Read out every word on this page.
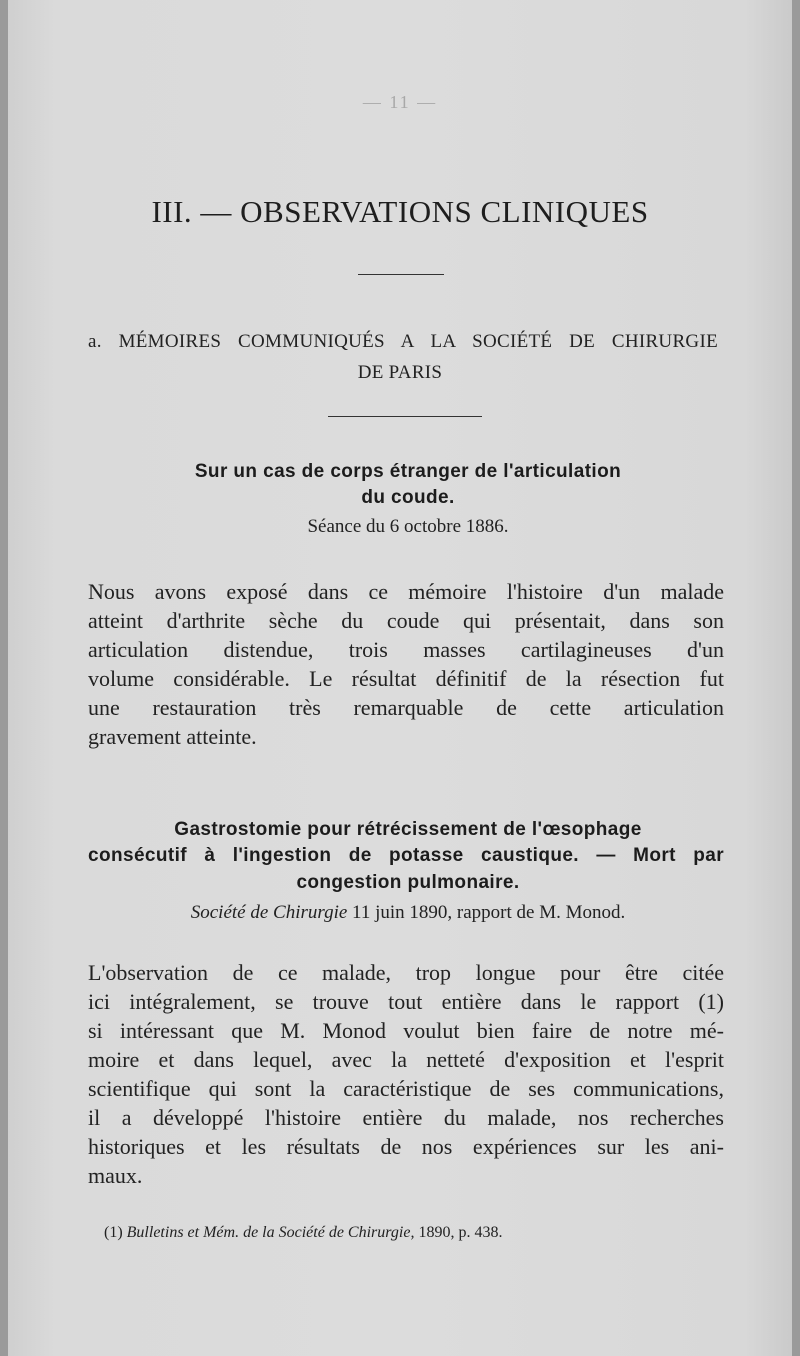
— 11 —
III. — OBSERVATIONS CLINIQUES
a. MÉMOIRES COMMUNIQUÉS A LA SOCIÉTÉ DE CHIRURGIE
DE PARIS
Sur un cas de corps étranger de l'articulation
du coude.
Séance du 6 octobre 1886.
Nous avons exposé dans ce mémoire l'histoire d'un malade
atteint d'arthrite sèche du coude qui présentait, dans son
articulation distendue, trois masses cartilagineuses d'un
volume considérable. Le résultat définitif de la résection fut
une restauration très remarquable de cette articulation
gravement atteinte.
Gastrostomie pour rétrécissement de l'œsophage
consécutif à l'ingestion de potasse caustique. — Mort par
congestion pulmonaire.
Société de Chirurgie 11 juin 1890, rapport de M. Monod.
L'observation de ce malade, trop longue pour être citée
ici intégralement, se trouve tout entière dans le rapport (1)
si intéressant que M. Monod voulut bien faire de notre mé-
moire et dans lequel, avec la netteté d'exposition et l'esprit
scientifique qui sont la caractéristique de ses communications,
il a développé l'histoire entière du malade, nos recherches
historiques et les résultats de nos expériences sur les ani-
maux.
(1) Bulletins et Mém. de la Société de Chirurgie, 1890, p. 438.
